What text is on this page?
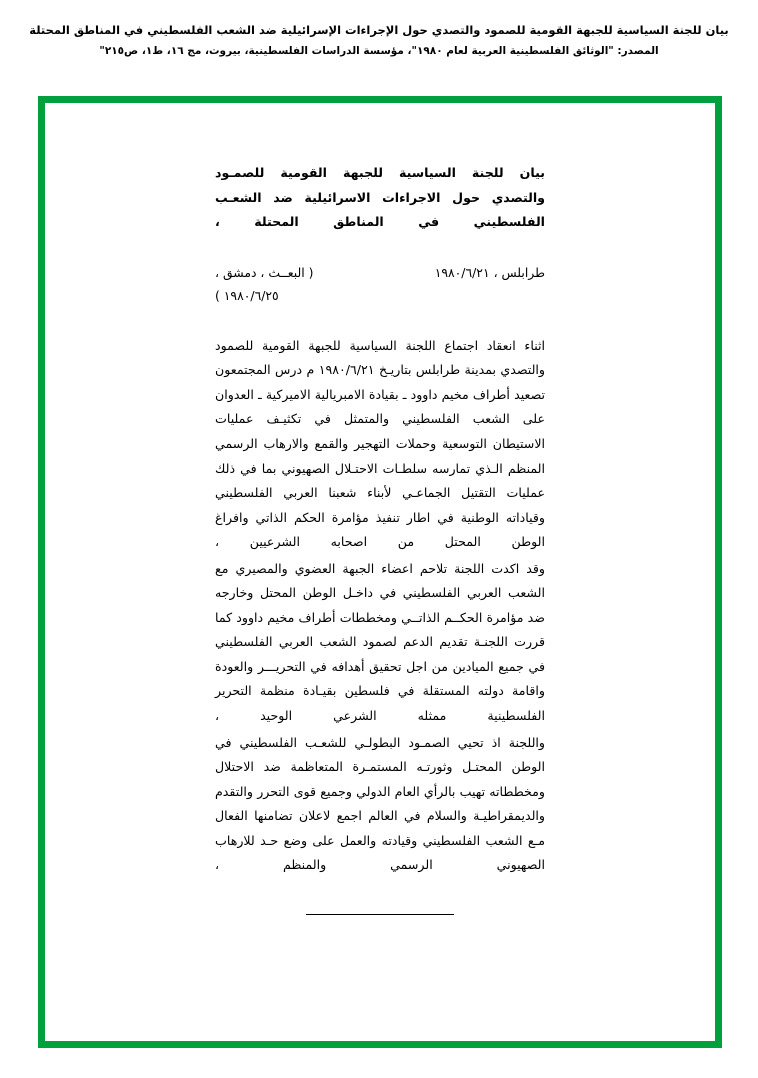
بيان للجنة السياسية للجبهة القومية للصمود والتصدي حول الإجراءات الإسرائيلية ضد الشعب الفلسطيني في المناطق المحتلة
المصدر: "الوثائق الفلسطينية العربية لعام ١٩٨٠"، مؤسسة الدراسات الفلسطينية، بيروت، مج ١٦، ط١، ص٢١٥"
بيان للجنة السياسية للجبهة القومية للصمـود
والتصدي حول الاجراءات الاسرائيلية ضد الشعـب
الفلسطيني في المناطق المحتلة ،
طرابلس ، ١٩٨٠/٦/٢١
( البعــث ، دمشق ،
١٩٨٠/٦/٢٥ )

اثناء انعقاد اجتماع اللجنة السياسية للجبهة القومية للصمود والتصدي بمدينة طرابلس بتاريـخ ١٩٨٠/٦/٢١ م درس المجتمعون تصعيد أطراف مخيم داوود ـ بقيادة الامبريالية الاميركية ـ العدوان على الشعب الفلسطيني والمتمثل في تكثيـف عمليات الاستيطان التوسعية وحملات التهجير والقمع والارهاب الرسمي المنظم الـذي تمارسه سلطـات الاحتـلال الصهيوني بما في ذلك عمليات التقتيل الجماعـي لأبناء شعبنا العربي الفلسطيني وقياداته الوطنية في اطار تنفيذ مؤامرة الحكم الذاتي وافراغ الوطن المحتل من اصحابه الشرعيين ،

وقد اكدت اللجنة تلاحم اعضاء الجبهة العضوي والمصيري مع الشعب العربي الفلسطيني في داخـل الوطن المحتل وخارجه ضد مؤامرة الحكــم الذاتــي ومخططات أطراف مخيم داوود كما قررت اللجنـة تقديم الدعم لصمود الشعب العربي الفلسطيني في جميع الميادين من اجل تحقيق أهدافه في التحريـــر والعودة واقامة دولته المستقلة في فلسطين بقيـادة منظمة التحرير الفلسطينية ممثله الشرعي الوحيد ،

واللجنة اذ تحيي الصمـود البطولـي للشعـب الفلسطيني في الوطن المحتـل وثورتـه المستمـرة المتعاظمة ضد الاحتلال ومخططاته تهيب بالرأي العام الدولي وجميع قوى التحرر والتقدم والديمقراطيـة والسلام في العالم اجمع لاعلان تضامنها الفعال مـع الشعب الفلسطيني وقيادته والعمل على وضع حـد للارهاب الصهيوني الرسمي والمنظم ،
